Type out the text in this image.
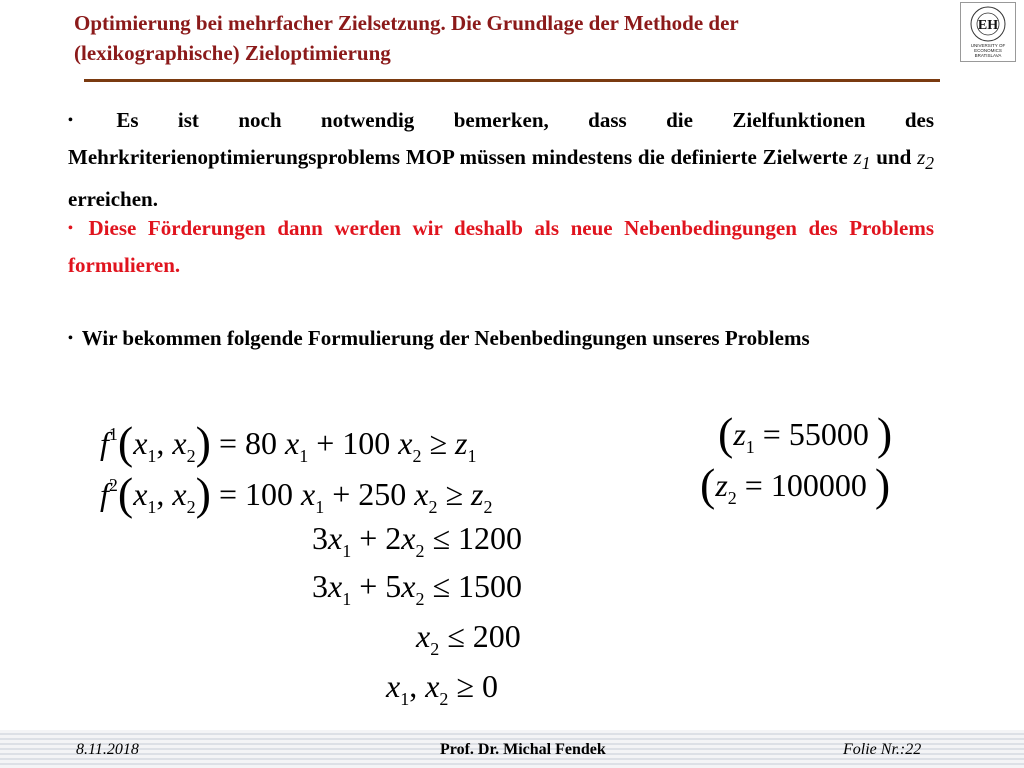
Optimierung bei mehrfacher Zielsetzung. Die Grundlage der Methode der
(lexikographische) Zieloptimierung
EH
UNIVERSITY OF ECONOMICS BRATISLAVA
• Es ist noch notwendig bemerken, dass die Zielfunktionen des Mehrkriterienoptimierungsproblems MOP müssen mindestens die definierte Zielwerte $z_1$ und $z_2$ erreichen.
• Diese Förderungen dann werden wir deshalb als neue Nebenbedingungen des Problems formulieren.
• Wir bekommen folgende Formulierung der Nebenbedingungen unseres Problems
$f^1(x_1$, $x_2) = 80$ $x_1 + 100$ $x_2 \ge z_1$	($z_1 = 55000$ )
$f^2(x_1$, $x_2) = 100$ $x_1 + 250$ $x_2 \ge z_2$	($z_2 = 100000$ )
$3x_1 + 2x_2 \le 1200$
$3x_1 + 5x_2 \le 1500$
$x_2 \le 200$
$x_1$, $x_2 \ge 0$
8.11.2018	Prof. Dr. Michal Fendek	Folie Nr.:22
